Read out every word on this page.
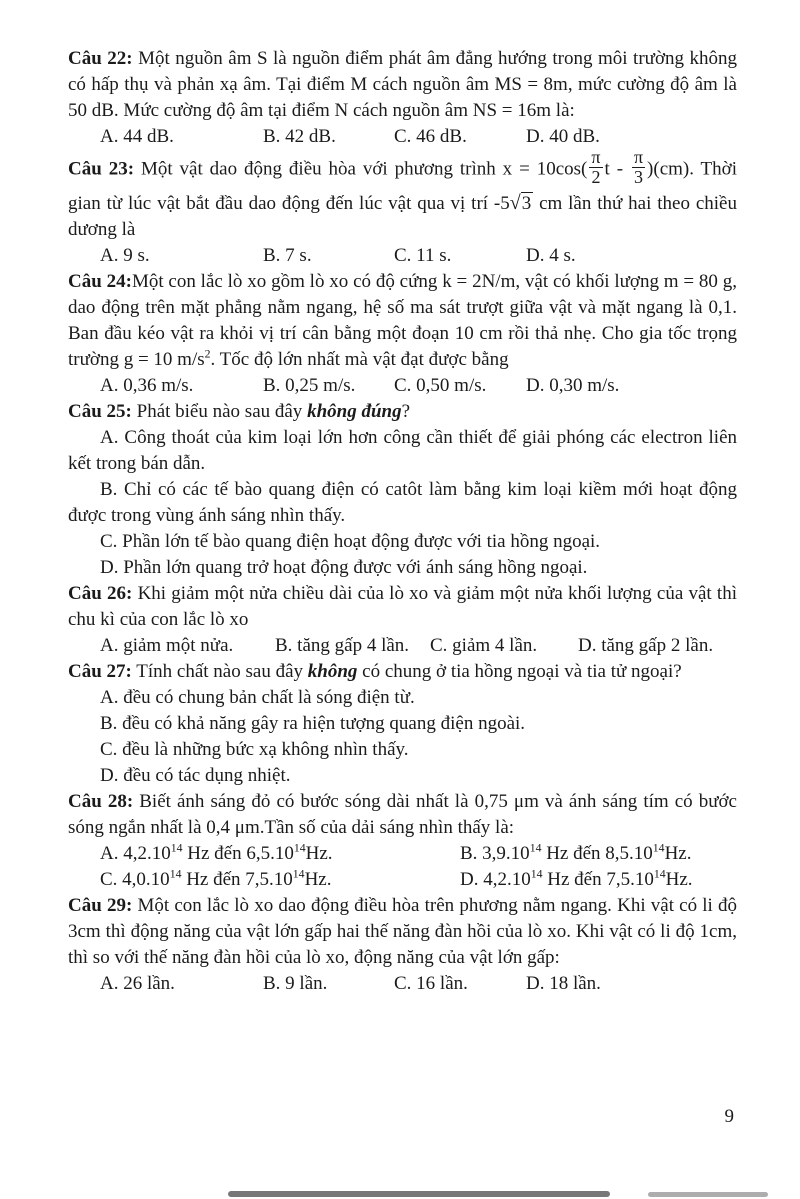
Câu 22: Một nguồn âm S là nguồn điểm phát âm đẳng hướng trong môi trường không có hấp thụ và phản xạ âm. Tại điểm M cách nguồn âm MS = 8m, mức cường độ âm là 50 dB. Mức cường độ âm tại điểm N cách nguồn âm NS = 16m là:

A. 44 dB.	B. 42 dB.	C. 46 dB.	D. 40 dB.

Câu 23: Một vật dao động điều hòa với phương trình $x = 10\cos( \frac{\pi}{2}$ t - $\frac{\pi}{3} )(cm)$. Thời gian từ lúc vật bắt đầu dao động đến lúc vật qua vị trí -5√3 cm lần thứ hai theo chiều dương là

A. 9 s.	B. 7 s.	C. 11 s.	D. 4 s.

Câu 24:Một con lắc lò xo gồm lò xo có độ cứng k = 2N/m, vật có khối lượng m = 80 g, dao động trên mặt phẳng nằm ngang, hệ số ma sát trượt giữa vật và mặt ngang là 0,1. Ban đầu kéo vật ra khỏi vị trí cân bằng một đoạn 10 cm rồi thả nhẹ. Cho gia tốc trọng trường g = 10 $m/s^2$. Tốc độ lớn nhất mà vật đạt được bằng

A. 0,36 m/s.	B. 0,25 m/s.	C. 0,50 m/s.	D. 0,30 m/s.

Câu 25: Phát biểu nào sau đây không đúng?

A. Công thoát của kim loại lớn hơn công cần thiết để giải phóng các electron liên kết trong bán dẫn.

B. Chỉ có các tế bào quang điện có catôt làm bằng kim loại kiềm mới hoạt động được trong vùng ánh sáng nhìn thấy.

C. Phần lớn tế bào quang điện hoạt động được với tia hồng ngoại.

D. Phần lớn quang trở hoạt động được với ánh sáng hồng ngoại.

Câu 26: Khi giảm một nửa chiều dài của lò xo và giảm một nửa khối lượng của vật thì chu kì của con lắc lò xo

A. giảm một nửa.	B. tăng gấp 4 lần.	C. giảm 4 lần.	D. tăng gấp 2 lần.

Câu 27: Tính chất nào sau đây không có chung ở tia hồng ngoại và tia tử ngoại?

A. đều có chung bản chất là sóng điện từ.

B. đều có khả năng gây ra hiện tượng quang điện ngoài.

C. đều là những bức xạ không nhìn thấy.

D. đều có tác dụng nhiệt.

Câu 28: Biết ánh sáng đỏ có bước sóng dài nhất là 0,75 μm và ánh sáng tím có bước sóng ngắn nhất là 0,4 μm.Tần số của dải sáng nhìn thấy là:

A. 4,2.10$^{14}$ Hz đến 6,5.10$^{14}$Hz.	B. 3,9.10$^{14}$ Hz đến 8,5.10$^{14}$Hz.
C. 4,0.10$^{14}$ Hz đến 7,5.10$^{14}$Hz.	D. 4,2.10$^{14}$ Hz đến 7,5.10$^{14}$Hz.

Câu 29: Một con lắc lò xo dao động điều hòa trên phương nằm ngang. Khi vật có li độ 3cm thì động năng của vật lớn gấp hai thế năng đàn hồi của lò xo. Khi vật có li độ 1cm, thì so với thế năng đàn hồi của lò xo, động năng của vật lớn gấp:

A. 26 lần.	B. 9 lần.	C. 16 lần.	D. 18 lần.
9
